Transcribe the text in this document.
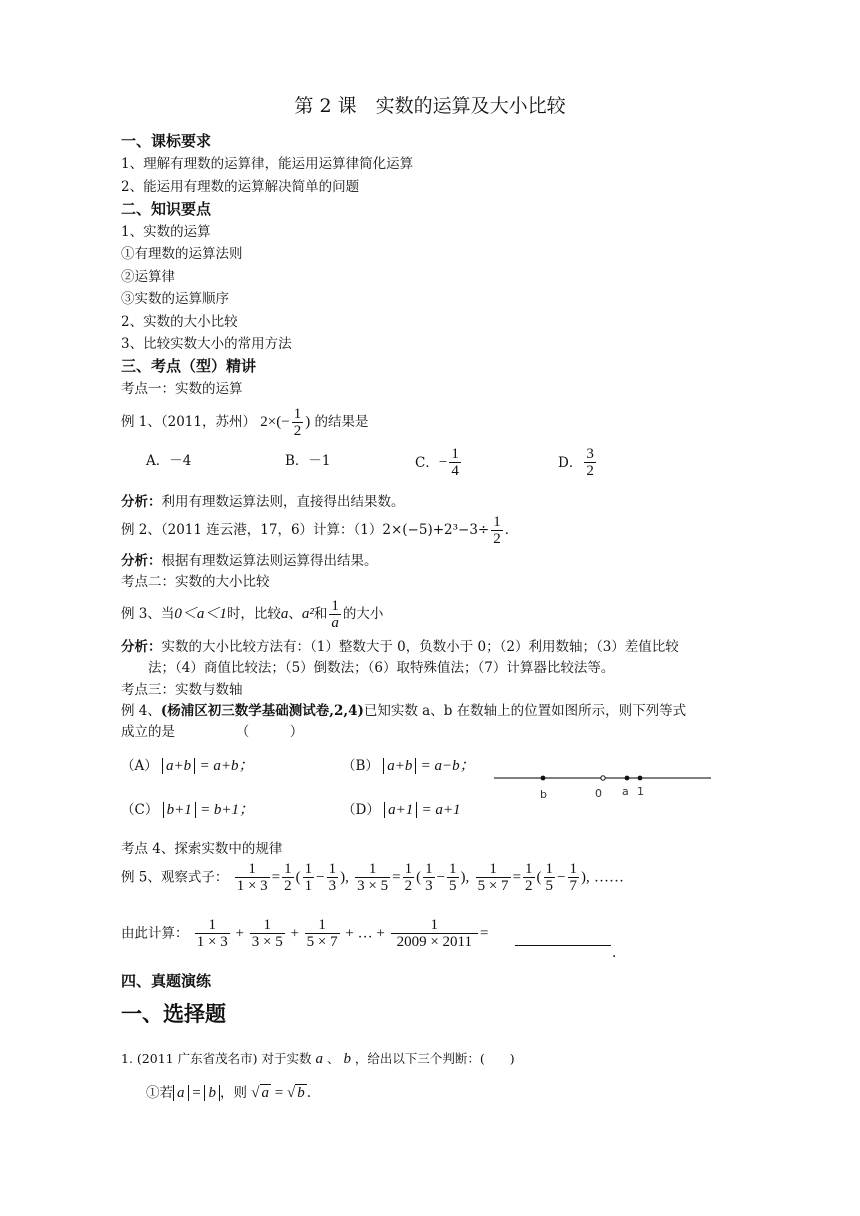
第 2 课　实数的运算及大小比较
一、课标要求
1、理解有理数的运算律，能运用运算律简化运算
2、能运用有理数的运算解决简单的问题
二、知识要点
1、实数的运算
①有理数的运算法则
②运算律
③实数的运算顺序
2、实数的大小比较
3、比较实数大小的常用方法
三、考点（型）精讲
考点一：实数的运算
例 1、（2011，苏州） $2\times(- \frac{1}{2}$ ) 的结果是
A．－4	B．－1	C．− $\frac{1}{4}$	D． $\frac{3}{2}$
分析：利用有理数运算法则，直接得出结果数。
例 2、（2011 连云港，17，6）计算：$(1)2\times(-5)+2^3-3\div \frac{1}{2}$ ．
分析：根据有理数运算法则运算得出结果。
考点二：实数的大小比较
例 3、当0＜a＜1时，比较a、a²和 $\frac{1}{a}$ 的大小
分析：实数的大小比较方法有：（1）整数大于 0，负数小于 0；（2）利用数轴；（3）差值比较
法；（4）商值比较法；（5）倒数法；（6）取特殊值法；（7）计算器比较法等。
考点三：实数与数轴
例 4、(杨浦区初三数学基础测试卷,2,4)已知实数 a、b 在数轴上的位置如图所示，则下列等式
成立的是　　　　　（　　　）
（A） a+b = a+b；	（B） a+b = a−b；
（C） b+1 = b+1；	（D） a+1 = a+1
b	0 a 1
考点 4、探索实数中的规律
例 5、观察式子： $\frac{1}{1 \times 3} = \frac{1}{2}$ ( $\frac{1}{1} - \frac{1}{3}$ ), $\frac{1}{3 \times 5} = \frac{1}{2}$ ( $\frac{1}{3} - \frac{1}{5}$ ), $\frac{1}{5 \times 7} = \frac{1}{2}$ ( $\frac{1}{5} - \frac{1}{7}$ ), ……
由此计算： $\frac{1}{1 \times 3} + \frac{1}{3 \times 5} + \frac{1}{5 \times 7}$ + … + $\frac{1}{2009 \times 2011}$ =
.
四、真题演练
一、选择题
1. (2011 广东省茂名市) 对于实数 a 、 b ，给出以下三个判断：(　　)
①若 a = b ，则 √ a = √ b .
